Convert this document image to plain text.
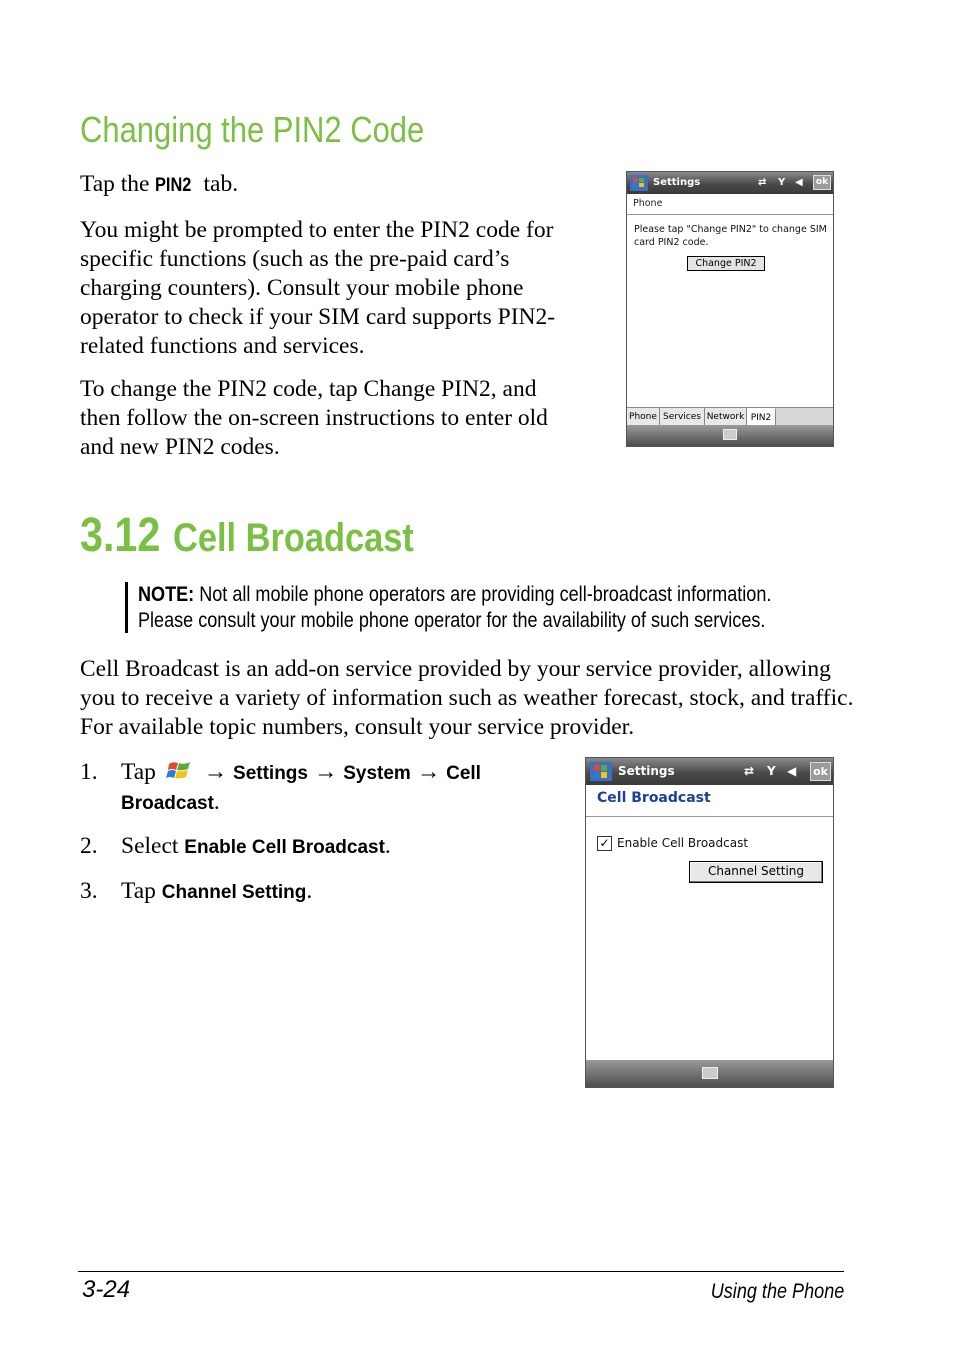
Changing the PIN2 Code

Tap the PIN2 tab.

You might be prompted to enter the PIN2 code for specific functions (such as the pre-paid card’s charging counters). Consult your mobile phone operator to check if your SIM card supports PIN2-related functions and services.

To change the PIN2 code, tap Change PIN2, and then follow the on-screen instructions to enter old and new PIN2 codes.

Settings	⇄ Y ◀	ok
Phone

Please tap "Change PIN2" to change SIM card PIN2 code.

Change PIN2
Phone Services Network PIN2
3.12 Cell Broadcast
NOTE: Not all mobile phone operators are providing cell-broadcast information.
Please consult your mobile phone operator for the availability of such services.

Cell Broadcast is an add-on service provided by your service provider, allowing you to receive a variety of information such as weather forecast, stock, and traffic. For available topic numbers, consult your service provider.

1. Tap → Settings → System → Cell
Broadcast.
2. Select Enable Cell Broadcast.
3. Tap Channel Setting.
Settings	⇄ Y ◀ ok
Cell Broadcast
✓ Enable Cell Broadcast
Channel Setting
3-24	Using the Phone
